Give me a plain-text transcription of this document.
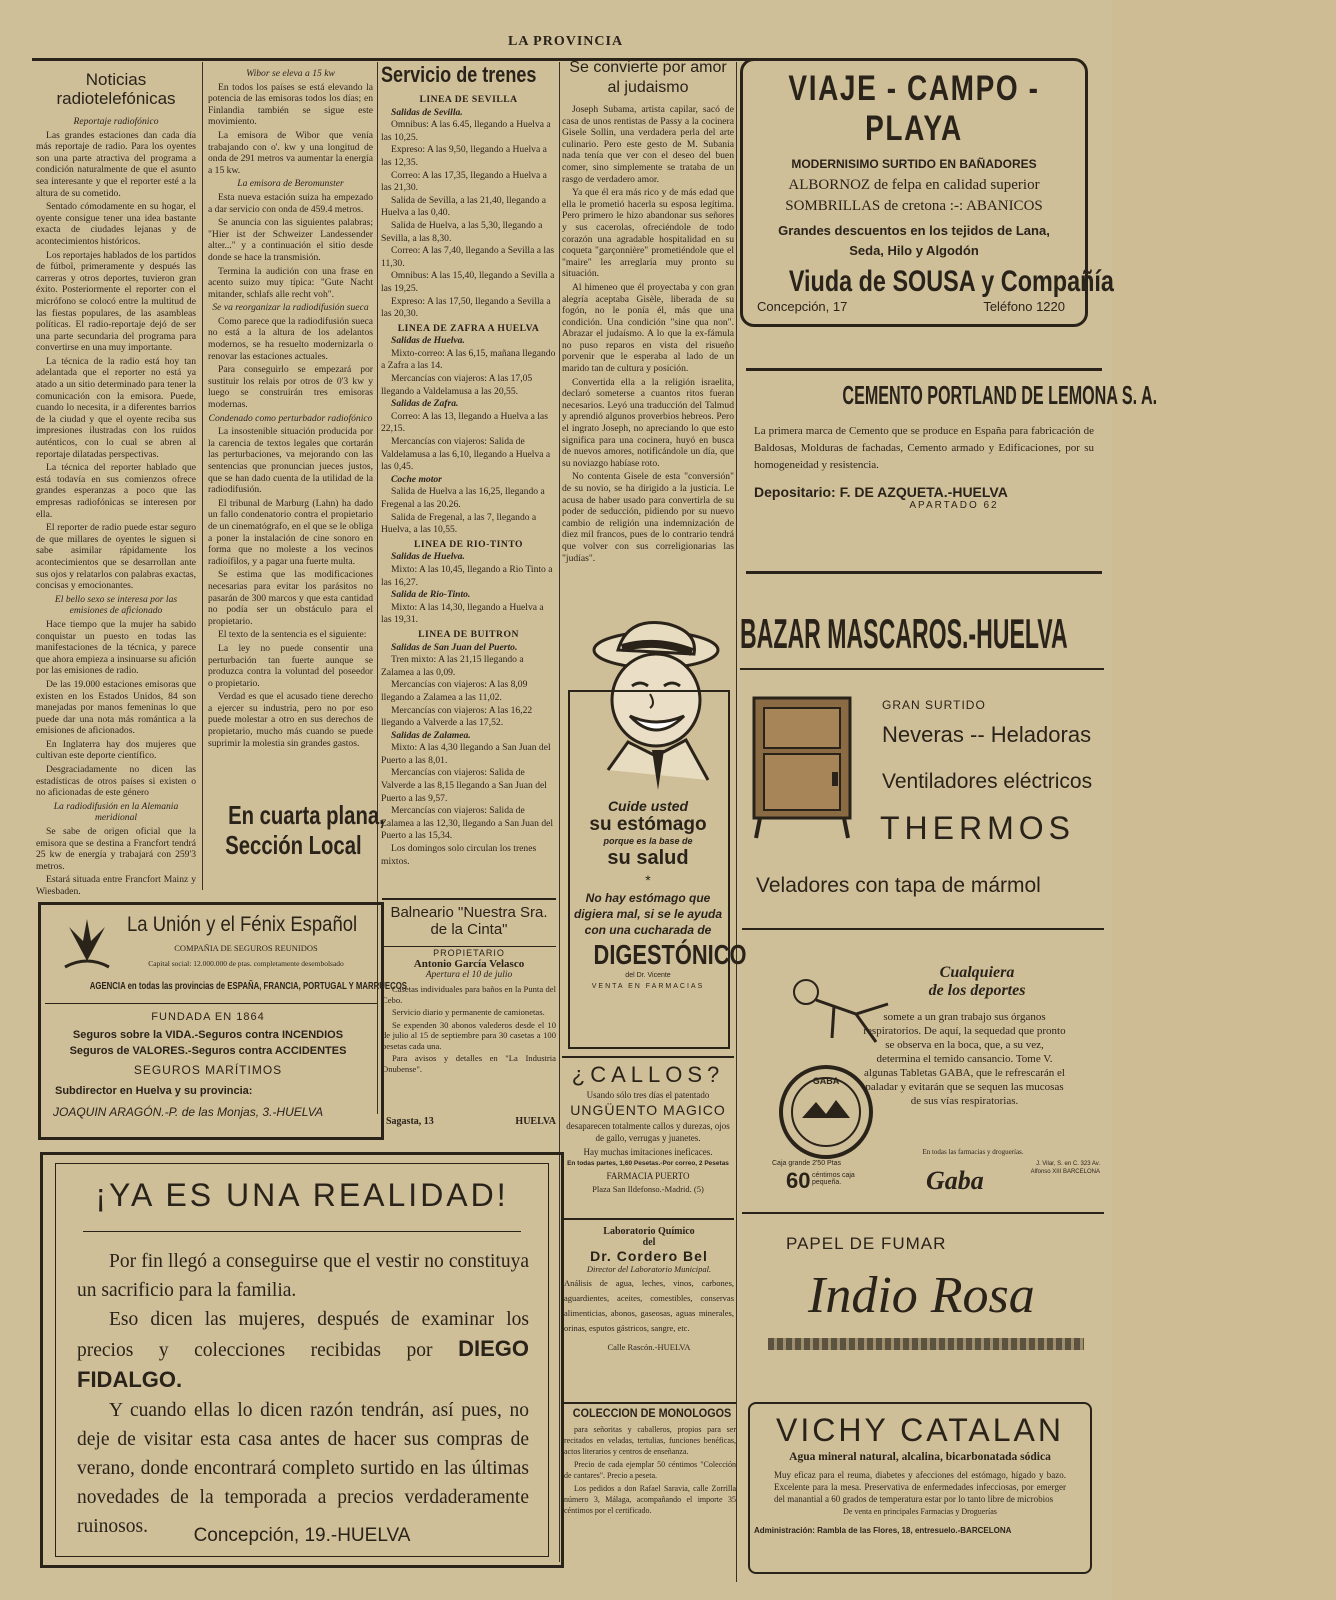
LA PROVINCIA
Noticias radiotelefónicas

Reportaje radiofónico

Las grandes estaciones dan cada día más reportaje de radio. Para los oyentes son una parte atractiva del programa a condición naturalmente de que el asunto sea interesante y que el reporter esté a la altura de su cometido.

Sentado cómodamente en su hogar, el oyente consigue tener una idea bastante exacta de ciudades lejanas y de acontecimientos históricos.

Los reportajes hablados de los partidos de fútbol, primeramente y después las carreras y otros deportes, tuvieron gran éxito. Posteriormente el reporter con el micrófono se colocó entre la multitud de las fiestas populares, de las asambleas políticas. El radio-reportaje dejó de ser una parte secundaria del programa para convertirse en una muy importante.

La técnica de la radio está hoy tan adelantada que el reporter no está ya atado a un sitio determinado para tener la comunicación con la emisora. Puede, cuando lo necesita, ir a diferentes barrios de la ciudad y que el oyente reciba sus impresiones ilustradas con los ruidos auténticos, con lo cual se abren al reportaje dilatadas perspectivas.

La técnica del reporter hablado que está todavía en sus comienzos ofrece grandes esperanzas a poco que las empresas radiofónicas se interesen por ella.

El reporter de radio puede estar seguro de que millares de oyentes le siguen si sabe asimilar rápidamente los acontecimientos que se desarrollan ante sus ojos y relatarlos con palabras exactas, concisas y emocionantes.

El bello sexo se interesa por las emisiones de aficionado

Hace tiempo que la mujer ha sabido conquistar un puesto en todas las manifestaciones de la técnica, y parece que ahora empieza a insinuarse su afición por las emisiones de radio.

De las 19.000 estaciones emisoras que existen en los Estados Unidos, 84 son manejadas por manos femeninas lo que puede dar una nota más romántica a la emisiones de aficionados.

En Inglaterra hay dos mujeres que cultivan este deporte científico.

Desgraciadamente no dicen las estadísticas de otros países si existen o no aficionadas de este género

La radiodifusión en la Alemania meridional

Se sabe de origen oficial que la emisora que se destina a Francfort tendrá 25 kw de energía y trabajará con 259'3 metros.

Estará situada entre Francfort Mainz y Wiesbaden.

Wibor se eleva a 15 kw

En todos los países se está elevando la potencia de las emisoras todos los días; en Finlandia también se sigue este movimiento.

La emisora de Wibor que venía trabajando con o'. kw y una longitud de onda de 291 metros va aumentar la energía a 15 kw.

La emisora de Beromunster

Esta nueva estación suiza ha empezado a dar servicio con onda de 459.4 metros.

Se anuncia con las siguientes palabras; "Hier ist der Schweizer Landessender alter..." y a continuación el sitio desde donde se hace la transmisión.

Termina la audición con una frase en acento suizo muy típica: "Gute Nacht mitander, schlafs alle recht voh".

Se va reorganizar la radiodifusión sueca

Como parece que la radiodifusión sueca no está a la altura de los adelantos modernos, se ha resuelto modernizarla o renovar las estaciones actuales.

Para conseguirlo se empezará por sustituir los relais por otros de 0'3 kw y luego se construirán tres emisoras modernas.

Condenado como perturbador radiofónico

La insostenible situación producida por la carencia de textos legales que cortarán las perturbaciones, va mejorando con las sentencias que pronuncian jueces justos, que se han dado cuenta de la utilidad de la radiodifusión.

El tribunal de Marburg (Lahn) ha dado un fallo condenatorio contra el propietario de un cinematógrafo, en el que se le obliga a poner la instalación de cine sonoro en forma que no moleste a los vecinos radioífilos, y a pagar una fuerte multa.

Se estima que las modificaciones necesarias para evitar los parásitos no pasarán de 300 marcos y que esta cantidad no podía ser un obstáculo para el propietario.

El texto de la sentencia es el siguiente:

La ley no puede consentir una perturbación tan fuerte aunque se produzca contra la voluntad del poseedor o propietario.

Verdad es que el acusado tiene derecho a ejercer su industria, pero no por eso puede molestar a otro en sus derechos de propietario, mucho más cuando se puede suprimir la molestia sin grandes gastos.

En cuarta plana,
Sección Local
Servicio de trenes
LINEA DE SEVILLA
Salidas de Sevilla.
Omnibus: A las 6.45, llegando a Huelva a las 10,25.
Expreso: A las 9,50, llegando a Huelva a las 12,35.
Correo: A las 17,35, llegando a Huelva a las 21,30.
Salida de Sevilla, a las 21,40, llegando a Huelva a las 0,40.
Salida de Huelva, a las 5,30, llegando a Sevilla, a las 8,30.
Correo: A las 7,40, llegando a Sevilla a las 11,30.
Omnibus: A las 15,40, llegando a Sevilla a las 19,25.
Expreso: A las 17,50, llegando a Sevilla a las 20,30.
LINEA DE ZAFRA A HUELVA
Salidas de Huelva.
Mixto-correo: A las 6,15, mañana llegando a Zafra a las 14.
Mercancías con viajeros: A las 17,05 llegando a Valdelamusa a las 20,55.
Salidas de Zafra.
Correo: A las 13, llegando a Huelva a las 22,15.
Mercancías con viajeros: Salida de Valdelamusa a las 6,10, llegando a Huelva a las 0,45.
Coche motor
Salida de Huelva a las 16,25, llegando a Fregenal a las 20.26.
Salida de Fregenal, a las 7, llegando a Huelva, a las 10,55.
LINEA DE RIO-TINTO
Salidas de Huelva.
Mixto: A las 10,45, llegando a Rio Tinto a las 16,27.
Salida de Rio-Tinto.
Mixto: A las 14,30, llegando a Huelva a las 19,31.
LINEA DE BUITRON
Salidas de San Juan del Puerto.
Tren mixto: A las 21,15 llegando a Zalamea a las 0,09.
Mercancías con viajeros: A las 8,09 llegando a Zalamea a las 11,02.
Mercancías con viajeros: A las 16,22 llegando a Valverde a las 17,52.
Salidas de Zalamea.
Mixto: A las 4,30 llegando a San Juan del Puerto a las 8,01.
Mercancías con viajeros: Salida de Valverde a las 8,15 llegando a San Juan del Puerto a las 9,57.
Mercancías con viajeros: Salida de Zalamea a las 12,30, llegando a San Juan del Puerto a las 15,34.
Los domingos solo circulan los trenes mixtos.
Se convierte por amor al judaismo

Joseph Subama, artista capilar, sacó de casa de unos rentistas de Passy a la cocinera Gisele Sollin, una verdadera perla del arte culinario. Pero este gesto de M. Subania nada tenía que ver con el deseo del buen comer, sino simplemente se trataba de un rasgo de verdadero amor.

Ya que él era más rico y de más edad que ella le prometió hacerla su esposa legítima. Pero primero le hizo abandonar sus señores y sus cacerolas, ofreciéndole de todo corazón una agradable hospitalidad en su coqueta "garçonnière" prometiéndole que el "maire" les arreglaría muy pronto su situación.

Al himeneo que él proyectaba y con gran alegría aceptaba Gisèle, liberada de su fogón, no le ponía él, más que una condición. Una condición "sine qua non". Abrazar el judaísmo. A lo que la ex-fámula no puso reparos en vista del risueño porvenir que le esperaba al lado de un marido tan de cultura y posición.

Convertida ella a la religión israelita, declaró someterse a cuantos ritos fueran necesarios. Leyó una traducción del Talmud y aprendió algunos proverbios hebreos. Pero el ingrato Joseph, no apreciando lo que esto significa para una cocinera, huyó en busca de nuevos amores, notificándole un día, que su noviazgo habíase roto.

No contenta Gisele de esta "conversión" de su novio, se ha dirigido a la justicia. Le acusa de haber usado para convertirla de su poder de seducción, pidiendo por su nuevo cambio de religión una indemnización de diez mil francos, pues de lo contrario tendrá que volver con sus correligionarias las "judías".

Cuide usted
su estómago
porque es la base de
su salud
*
No hay estómago que digiera mal, si se le ayuda con una cucharada de
DIGESTÓNICO
del Dr. Vicente
VENTA EN FARMACIAS
VIAJE - CAMPO - PLAYA
MODERNISIMO SURTIDO EN BAÑADORES
ALBORNOZ de felpa en calidad superior
SOMBRILLAS de cretona :-: ABANICOS
Grandes descuentos en los tejidos de Lana, Seda, Hilo y Algodón
Viuda de SOUSA y Compañía
Concepción, 17	Teléfono 1220
CEMENTO PORTLAND DE LEMONA S. A.
La primera marca de Cemento que se produce en España para fabricación de Baldosas, Molduras de fachadas, Cemento armado y Edificaciones, por su homogeneidad y resistencia.
Depositario: F. DE AZQUETA.-HUELVA
APARTADO 62
BAZAR MASCAROS.-HUELVA
GRAN SURTIDO
Neveras -- Heladoras
Ventiladores eléctricos
THERMOS
Veladores con tapa de mármol
Cualquiera
de los deportes
somete a un gran trabajo sus órganos respiratorios. De aquí, la sequedad que pronto se observa en la boca, que, a su vez, determina el temido cansancio. Tome V. algunas Tabletas GABA, que le refrescarán el paladar y evitarán que se sequen las mucosas de sus vías respiratorias.
En todas las farmacias y droguerías.
GABA
Caja grande 2'50 Ptas
60 céntimos caja pequeña.	Gaba
J. Vilar, S. en C. 323 Av. Alfonso XIII BARCELONA
PAPEL DE FUMAR
Indio Rosa
VICHY CATALAN
Agua mineral natural, alcalina, bicarbonatada sódica
Muy eficaz para el reuma, diabetes y afecciones del estómago, hígado y bazo. Excelente para la mesa. Preservativa de enfermedades infecciosas, por emerger del manantial a 60 grados de temperatura estar por lo tanto libre de microbios
De venta en principales Farmacias y Droguerías
Administración: Rambla de las Flores, 18, entresuelo.-BARCELONA
La Unión y el Fénix Español
COMPAÑIA DE SEGUROS REUNIDOS
Capital social: 12.000.000 de ptas. completamente desembolsado
AGENCIA en todas las provincias de ESPAÑA, FRANCIA, PORTUGAL Y MARRUECOS
FUNDADA EN 1864
Seguros sobre la VIDA.-Seguros contra INCENDIOS
Seguros de VALORES.-Seguros contra ACCIDENTES
SEGUROS MARÍTIMOS
Subdirector en Huelva y su provincia:
JOAQUIN ARAGÓN.-P. de las Monjas, 3.-HUELVA
Balneario "Nuestra Sra. de la Cinta"
PROPIETARIO
Antonio García Velasco
Apertura el 10 de julio

Casetas individuales para baños en la Punta del Cebo.

Servicio diario y permanente de camionetas.

Se expenden 30 abonos valederos desde el 10 de julio al 15 de septiembre para 30 casetas a 100 pesetas cada una.

Para avisos y detalles en "La Industria Onubense".

Sagasta, 13	HUELVA
¿CALLOS?
Usando sólo tres días el patentado
UNGÜENTO MAGICO
desaparecen totalmente callos y durezas, ojos de gallo, verrugas y juanetes.
Hay muchas imitaciones ineficaces.
En todas partes, 1,60 Pesetas.-Por correo, 2 Pesetas
FARMACIA PUERTO
Plaza San Ildefonso.-Madrid. (5)
Laboratorio Químico
del
Dr. Cordero Bel
Director del Laboratorio Municipal.
Análisis de agua, leches, vinos, carbones, aguardientes, aceites, comestibles, conservas alimenticias, abonos, gaseosas, aguas minerales, orinas, esputos gástricos, sangre, etc.
Calle Rascón.-HUELVA
COLECCION DE MONOLOGOS

para señoritas y caballeros, propios para ser recitados en veladas, tertulias, funciones benéficas, actos literarios y centros de enseñanza.

Precio de cada ejemplar 50 céntimos "Colección de cantares". Precio a peseta.

Los pedidos a don Rafael Saravia, calle Zorrilla número 3, Málaga, acompañando el importe 35 céntimos por el certificado.

¡YA ES UNA REALIDAD!

Por fin llegó a conseguirse que el vestir no constituya un sacrificio para la familia.

Eso dicen las mujeres, después de examinar los precios y colecciones recibidas por DIEGO FIDALGO.

Y cuando ellas lo dicen razón tendrán, así pues, no deje de visitar esta casa antes de hacer sus compras de verano, donde encontrará completo surtido en las últimas novedades de la temporada a precios verdaderamente ruinosos.	Concepción, 19.-HUELVA
